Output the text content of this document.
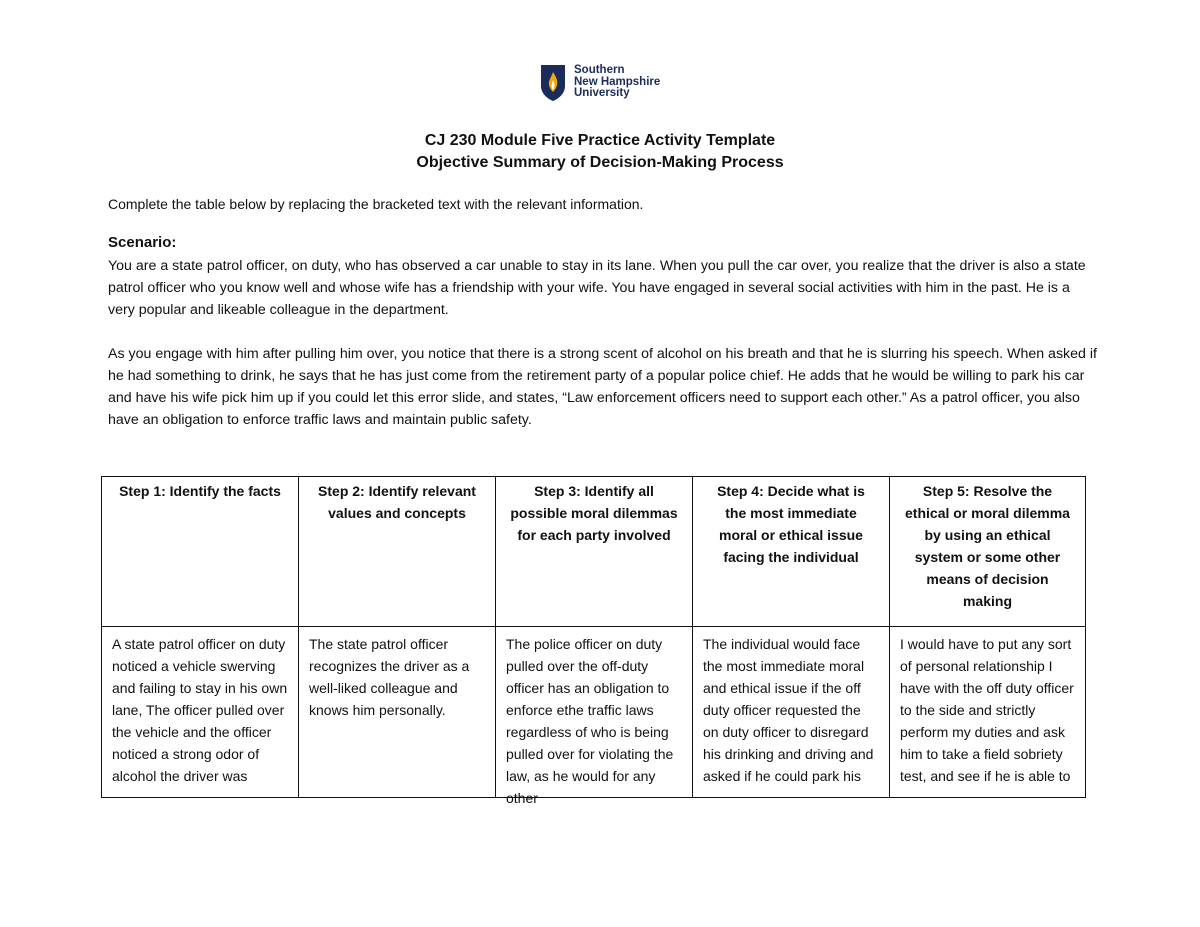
Southern
New Hampshire
University
CJ 230 Module Five Practice Activity Template
Objective Summary of Decision-Making Process
Complete the table below by replacing the bracketed text with the relevant information.
Scenario:
You are a state patrol officer, on duty, who has observed a car unable to stay in its lane. When you pull the car over, you realize that the driver is also a state patrol officer who you know well and whose wife has a friendship with your wife. You have engaged in several social activities with him in the past. He is a very popular and likeable colleague in the department.
As you engage with him after pulling him over, you notice that there is a strong scent of alcohol on his breath and that he is slurring his speech. When asked if he had something to drink, he says that he has just come from the retirement party of a popular police chief. He adds that he would be willing to park his car and have his wife pick him up if you could let this error slide, and states, “Law enforcement officers need to support each other.” As a patrol officer, you also have an obligation to enforce traffic laws and maintain public safety.
Step 1: Identify the facts	Step 2: Identify relevant values and concepts	Step 3: Identify all possible moral dilemmas for each party involved	Step 4: Decide what is the most immediate moral or ethical issue facing the individual	Step 5: Resolve the ethical or moral dilemma by using an ethical system or some other means of decision making

A state patrol officer on duty noticed a vehicle swerving and failing to stay in his own lane, The officer pulled over the vehicle and the officer noticed a strong odor of alcohol the driver was	The state patrol officer recognizes the driver as a well-liked colleague and knows him personally.	The police officer on duty pulled over the off-duty officer has an obligation to enforce ethe traffic laws regardless of who is being pulled over for violating the law, as he would for any other	The individual would face the most immediate moral and ethical issue if the off duty officer requested the on duty officer to disregard his drinking and driving and asked if he could park his	I would have to put any sort of personal relationship I have with the off duty officer to the side and strictly perform my duties and ask him to take a field sobriety test, and see if he is able to
